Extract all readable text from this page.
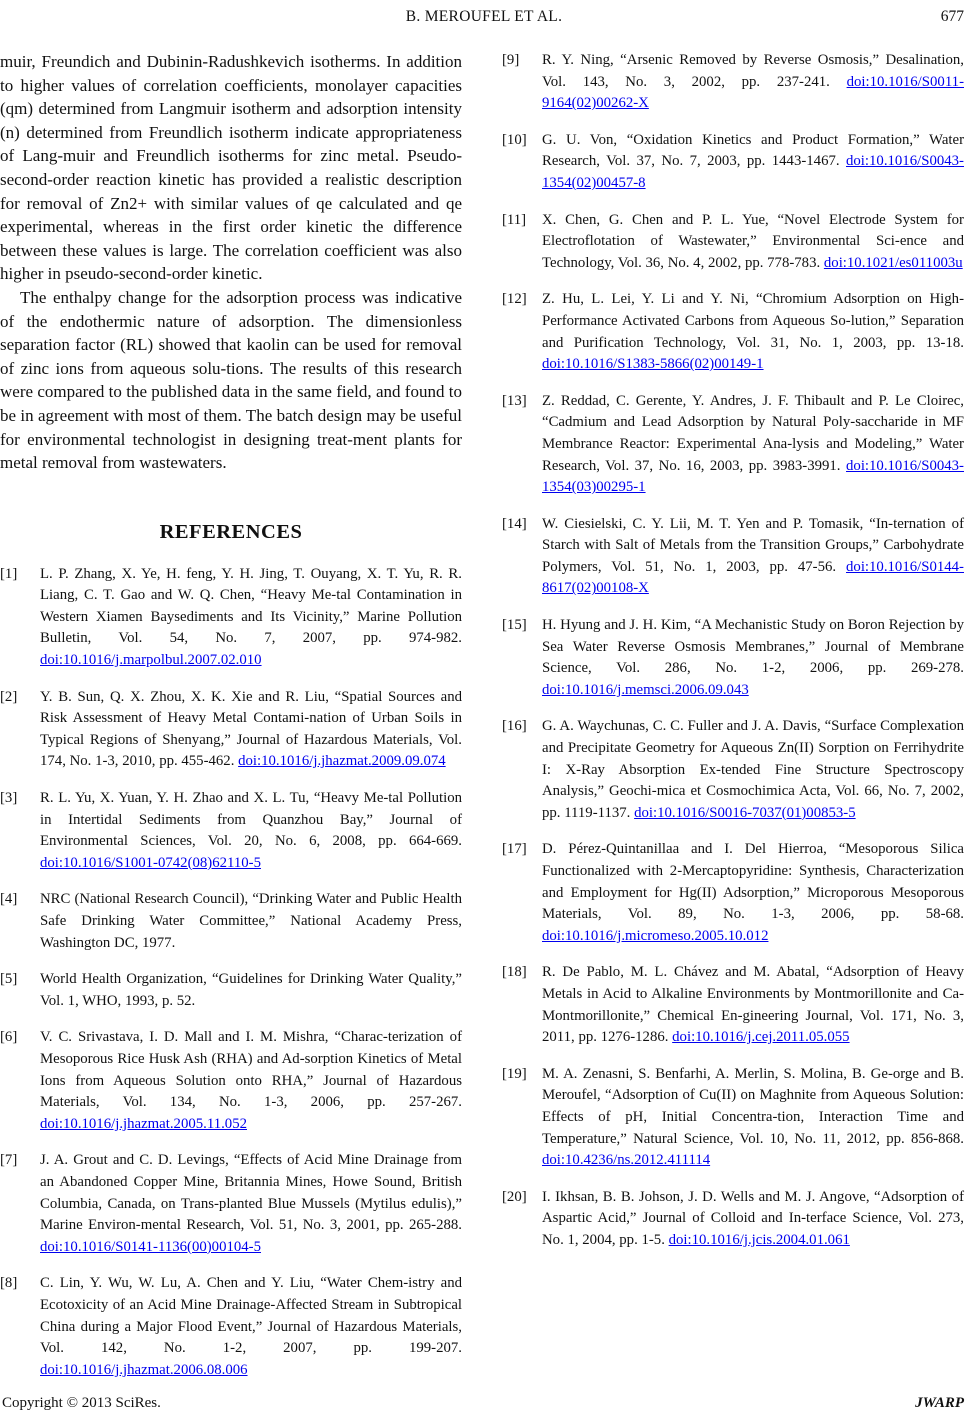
B. MEROUFEL ET AL.	677

muir, Freundich and Dubinin-Radushkevich isotherms. In addition to higher values of correlation coefficients, monolayer capacities (qm) determined from Langmuir isotherm and adsorption intensity (n) determined from Freundlich isotherm indicate appropriateness of Lang-muir and Freundlich isotherms for zinc metal. Pseudo-second-order reaction kinetic has provided a realistic description for removal of Zn2+ with similar values of qe calculated and qe experimental, whereas in the first order kinetic the difference between these values is large. The correlation coefficient was also higher in pseudo-second-order kinetic.

The enthalpy change for the adsorption process was indicative of the endothermic nature of adsorption. The dimensionless separation factor (RL) showed that kaolin can be used for removal of zinc ions from aqueous solu-tions. The results of this research were compared to the published data in the same field, and found to be in agreement with most of them. The batch design may be useful for environmental technologist in designing treat-ment plants for metal removal from wastewaters.

REFERENCES
[1]	L. P. Zhang, X. Ye, H. feng, Y. H. Jing, T. Ouyang, X. T. Yu, R. R. Liang, C. T. Gao and W. Q. Chen, “Heavy Me-tal Contamination in Western Xiamen Baysediments and Its Vicinity,” Marine Pollution Bulletin, Vol. 54, No. 7, 2007, pp. 974-982. doi:10.1016/j.marpolbul.2007.02.010
[2]	Y. B. Sun, Q. X. Zhou, X. K. Xie and R. Liu, “Spatial Sources and Risk Assessment of Heavy Metal Contami-nation of Urban Soils in Typical Regions of Shenyang,” Journal of Hazardous Materials, Vol. 174, No. 1-3, 2010, pp. 455-462. doi:10.1016/j.jhazmat.2009.09.074
[3]	R. L. Yu, X. Yuan, Y. H. Zhao and X. L. Tu, “Heavy Me-tal Pollution in Intertidal Sediments from Quanzhou Bay,” Journal of Environmental Sciences, Vol. 20, No. 6, 2008, pp. 664-669. doi:10.1016/S1001-0742(08)62110-5
[4]	NRC (National Research Council), “Drinking Water and Public Health Safe Drinking Water Committee,” National Academy Press, Washington DC, 1977.
[5]	World Health Organization, “Guidelines for Drinking Water Quality,” Vol. 1, WHO, 1993, p. 52.
[6]	V. C. Srivastava, I. D. Mall and I. M. Mishra, “Charac-terization of Mesoporous Rice Husk Ash (RHA) and Ad-sorption Kinetics of Metal Ions from Aqueous Solution onto RHA,” Journal of Hazardous Materials, Vol. 134, No. 1-3, 2006, pp. 257-267. doi:10.1016/j.jhazmat.2005.11.052
[7]	J. A. Grout and C. D. Levings, “Effects of Acid Mine Drainage from an Abandoned Copper Mine, Britannia Mines, Howe Sound, British Columbia, Canada, on Trans-planted Blue Mussels (Mytilus edulis),” Marine Environ-mental Research, Vol. 51, No. 3, 2001, pp. 265-288. doi:10.1016/S0141-1136(00)00104-5
[8]	C. Lin, Y. Wu, W. Lu, A. Chen and Y. Liu, “Water Chem-istry and Ecotoxicity of an Acid Mine Drainage-Affected Stream in Subtropical China during a Major Flood Event,” Journal of Hazardous Materials, Vol. 142, No. 1-2, 2007, pp. 199-207. doi:10.1016/j.jhazmat.2006.08.006
[9]	R. Y. Ning, “Arsenic Removed by Reverse Osmosis,” Desalination, Vol. 143, No. 3, 2002, pp. 237-241. doi:10.1016/S0011-9164(02)00262-X
[10]	G. U. Von, “Oxidation Kinetics and Product Formation,” Water Research, Vol. 37, No. 7, 2003, pp. 1443-1467. doi:10.1016/S0043-1354(02)00457-8
[11]	X. Chen, G. Chen and P. L. Yue, “Novel Electrode System for Electroflotation of Wastewater,” Environmental Sci-ence and Technology, Vol. 36, No. 4, 2002, pp. 778-783. doi:10.1021/es011003u
[12]	Z. Hu, L. Lei, Y. Li and Y. Ni, “Chromium Adsorption on High-Performance Activated Carbons from Aqueous So-lution,” Separation and Purification Technology, Vol. 31, No. 1, 2003, pp. 13-18. doi:10.1016/S1383-5866(02)00149-1
[13]	Z. Reddad, C. Gerente, Y. Andres, J. F. Thibault and P. Le Cloirec, “Cadmium and Lead Adsorption by Natural Poly-saccharide in MF Membrance Reactor: Experimental Ana-lysis and Modeling,” Water Research, Vol. 37, No. 16, 2003, pp. 3983-3991. doi:10.1016/S0043-1354(03)00295-1
[14]	W. Ciesielski, C. Y. Lii, M. T. Yen and P. Tomasik, “In-ternation of Starch with Salt of Metals from the Transition Groups,” Carbohydrate Polymers, Vol. 51, No. 1, 2003, pp. 47-56. doi:10.1016/S0144-8617(02)00108-X
[15]	H. Hyung and J. H. Kim, “A Mechanistic Study on Boron Rejection by Sea Water Reverse Osmosis Membranes,” Journal of Membrane Science, Vol. 286, No. 1-2, 2006, pp. 269-278. doi:10.1016/j.memsci.2006.09.043
[16]	G. A. Waychunas, C. C. Fuller and J. A. Davis, “Surface Complexation and Precipitate Geometry for Aqueous Zn(II) Sorption on Ferrihydrite I: X-Ray Absorption Ex-tended Fine Structure Spectroscopy Analysis,” Geochi-mica et Cosmochimica Acta, Vol. 66, No. 7, 2002, pp. 1119-1137. doi:10.1016/S0016-7037(01)00853-5
[17]	D. Pérez-Quintanillaa and I. Del Hierroa, “Mesoporous Silica Functionalized with 2-Mercaptopyridine: Synthesis, Characterization and Employment for Hg(II) Adsorption,” Microporous Mesoporous Materials, Vol. 89, No. 1-3, 2006, pp. 58-68. doi:10.1016/j.micromeso.2005.10.012
[18]	R. De Pablo, M. L. Chávez and M. Abatal, “Adsorption of Heavy Metals in Acid to Alkaline Environments by Montmorillonite and Ca-Montmorillonite,” Chemical En-gineering Journal, Vol. 171, No. 3, 2011, pp. 1276-1286. doi:10.1016/j.cej.2011.05.055
[19]	M. A. Zenasni, S. Benfarhi, A. Merlin, S. Molina, B. Ge-orge and B. Meroufel, “Adsorption of Cu(II) on Maghnite from Aqueous Solution: Effects of pH, Initial Concentra-tion, Interaction Time and Temperature,” Natural Science, Vol. 10, No. 11, 2012, pp. 856-868. doi:10.4236/ns.2012.411114
[20]	I. Ikhsan, B. B. Johson, J. D. Wells and M. J. Angove, “Adsorption of Aspartic Acid,” Journal of Colloid and In-terface Science, Vol. 273, No. 1, 2004, pp. 1-5. doi:10.1016/j.jcis.2004.01.061
Copyright © 2013 SciRes.	JWARP
